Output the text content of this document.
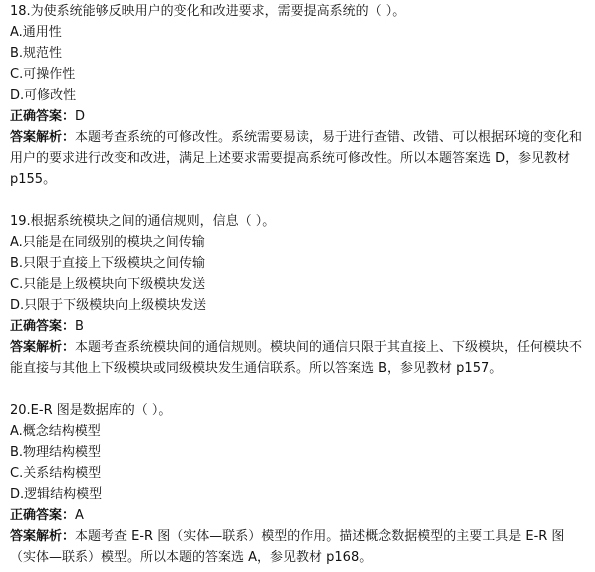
18.为使系统能够反映用户的变化和改进要求，需要提高系统的（ ）。
A.通用性
B.规范性
C.可操作性
D.可修改性
正确答案：D
答案解析：本题考查系统的可修改性。系统需要易读，易于进行查错、改错、可以根据环境的变化和用户的要求进行改变和改进，满足上述要求需要提高系统可修改性。所以本题答案选 D，参见教材 p155。
19.根据系统模块之间的通信规则，信息（ ）。
A.只能是在同级别的模块之间传输
B.只限于直接上下级模块之间传输
C.只能是上级模块向下级模块发送
D.只限于下级模块向上级模块发送
正确答案：B
答案解析：本题考查系统模块间的通信规则。模块间的通信只限于其直接上、下级模块，任何模块不能直接与其他上下级模块或同级模块发生通信联系。所以答案选 B，参见教材 p157。
20.E-R 图是数据库的（ ）。
A.概念结构模型
B.物理结构模型
C.关系结构模型
D.逻辑结构模型
正确答案：A
答案解析：本题考查 E-R 图（实体—联系）模型的作用。描述概念数据模型的主要工具是 E-R 图（实体—联系）模型。所以本题的答案选 A，参见教材 p168。
